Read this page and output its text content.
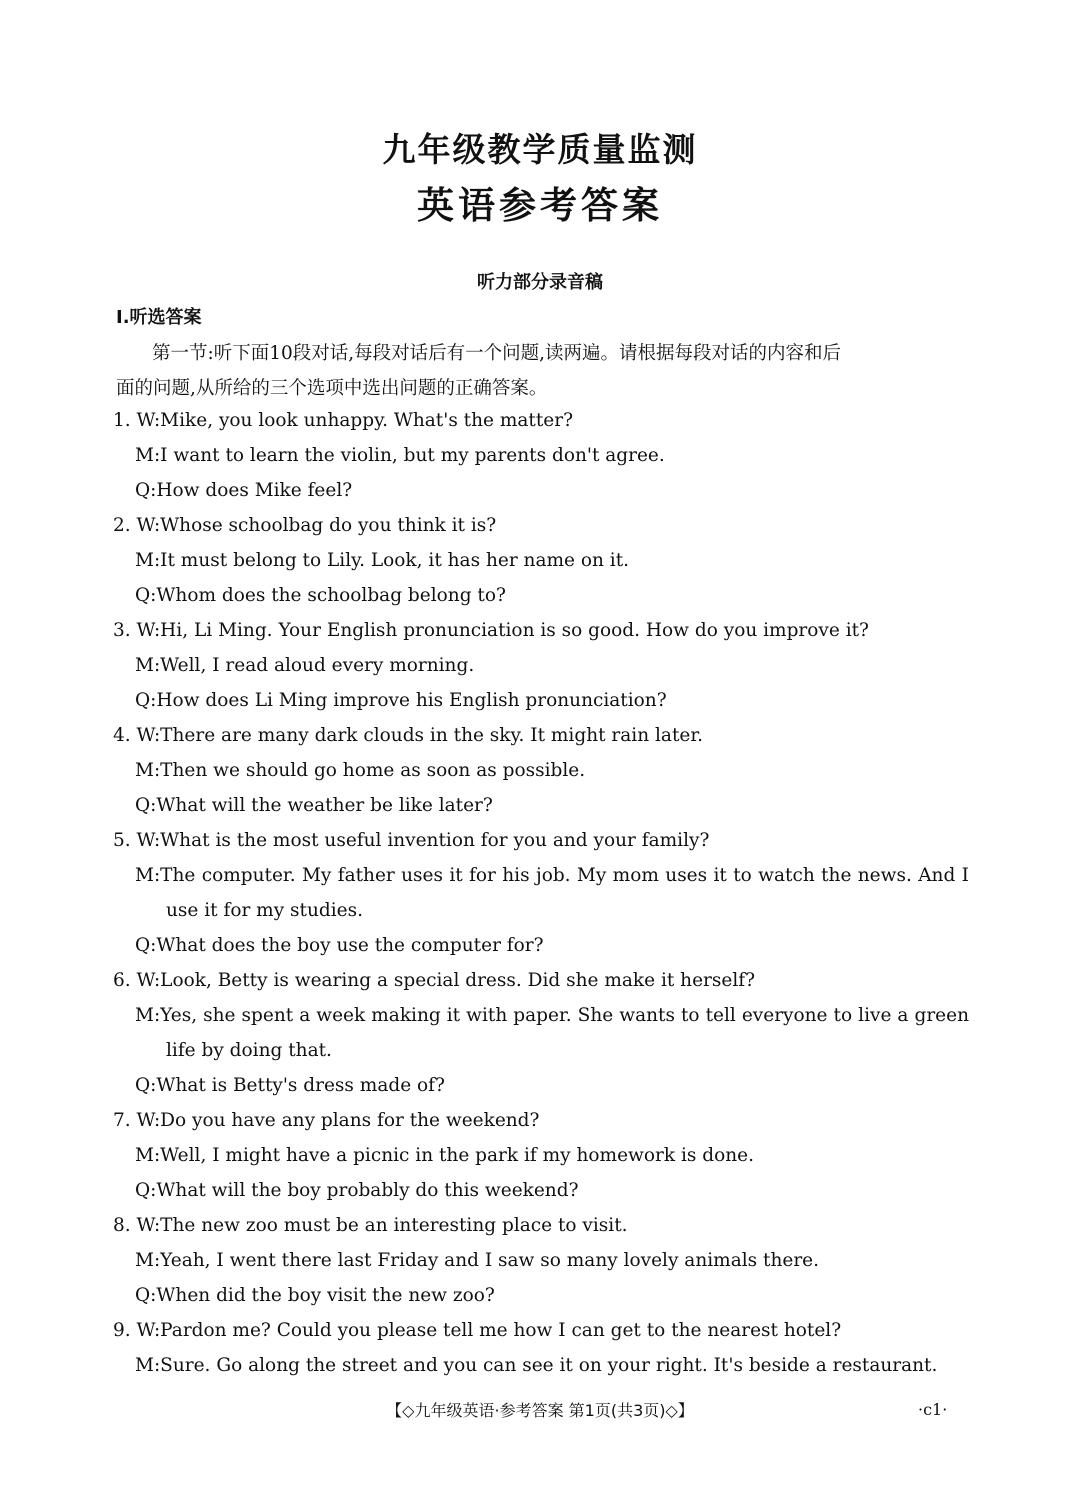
九年级教学质量监测
英语参考答案
听力部分录音稿
Ⅰ.听选答案
第一节:听下面10段对话,每段对话后有一个问题,读两遍。请根据每段对话的内容和后
面的问题,从所给的三个选项中选出问题的正确答案。
1. W:Mike, you look unhappy. What's the matter?
M:I want to learn the violin, but my parents don't agree.
Q:How does Mike feel?
2. W:Whose schoolbag do you think it is?
M:It must belong to Lily. Look, it has her name on it.
Q:Whom does the schoolbag belong to?
3. W:Hi, Li Ming. Your English pronunciation is so good. How do you improve it?
M:Well, I read aloud every morning.
Q:How does Li Ming improve his English pronunciation?
4. W:There are many dark clouds in the sky. It might rain later.
M:Then we should go home as soon as possible.
Q:What will the weather be like later?
5. W:What is the most useful invention for you and your family?
M:The computer. My father uses it for his job. My mom uses it to watch the news. And I
use it for my studies.
Q:What does the boy use the computer for?
6. W:Look, Betty is wearing a special dress. Did she make it herself?
M:Yes, she spent a week making it with paper. She wants to tell everyone to live a green
life by doing that.
Q:What is Betty's dress made of?
7. W:Do you have any plans for the weekend?
M:Well, I might have a picnic in the park if my homework is done.
Q:What will the boy probably do this weekend?
8. W:The new zoo must be an interesting place to visit.
M:Yeah, I went there last Friday and I saw so many lovely animals there.
Q:When did the boy visit the new zoo?
9. W:Pardon me? Could you please tell me how I can get to the nearest hotel?
M:Sure. Go along the street and you can see it on your right. It's beside a restaurant.
【◇九年级英语·参考答案 第1页(共3页)◇】	·c1·
